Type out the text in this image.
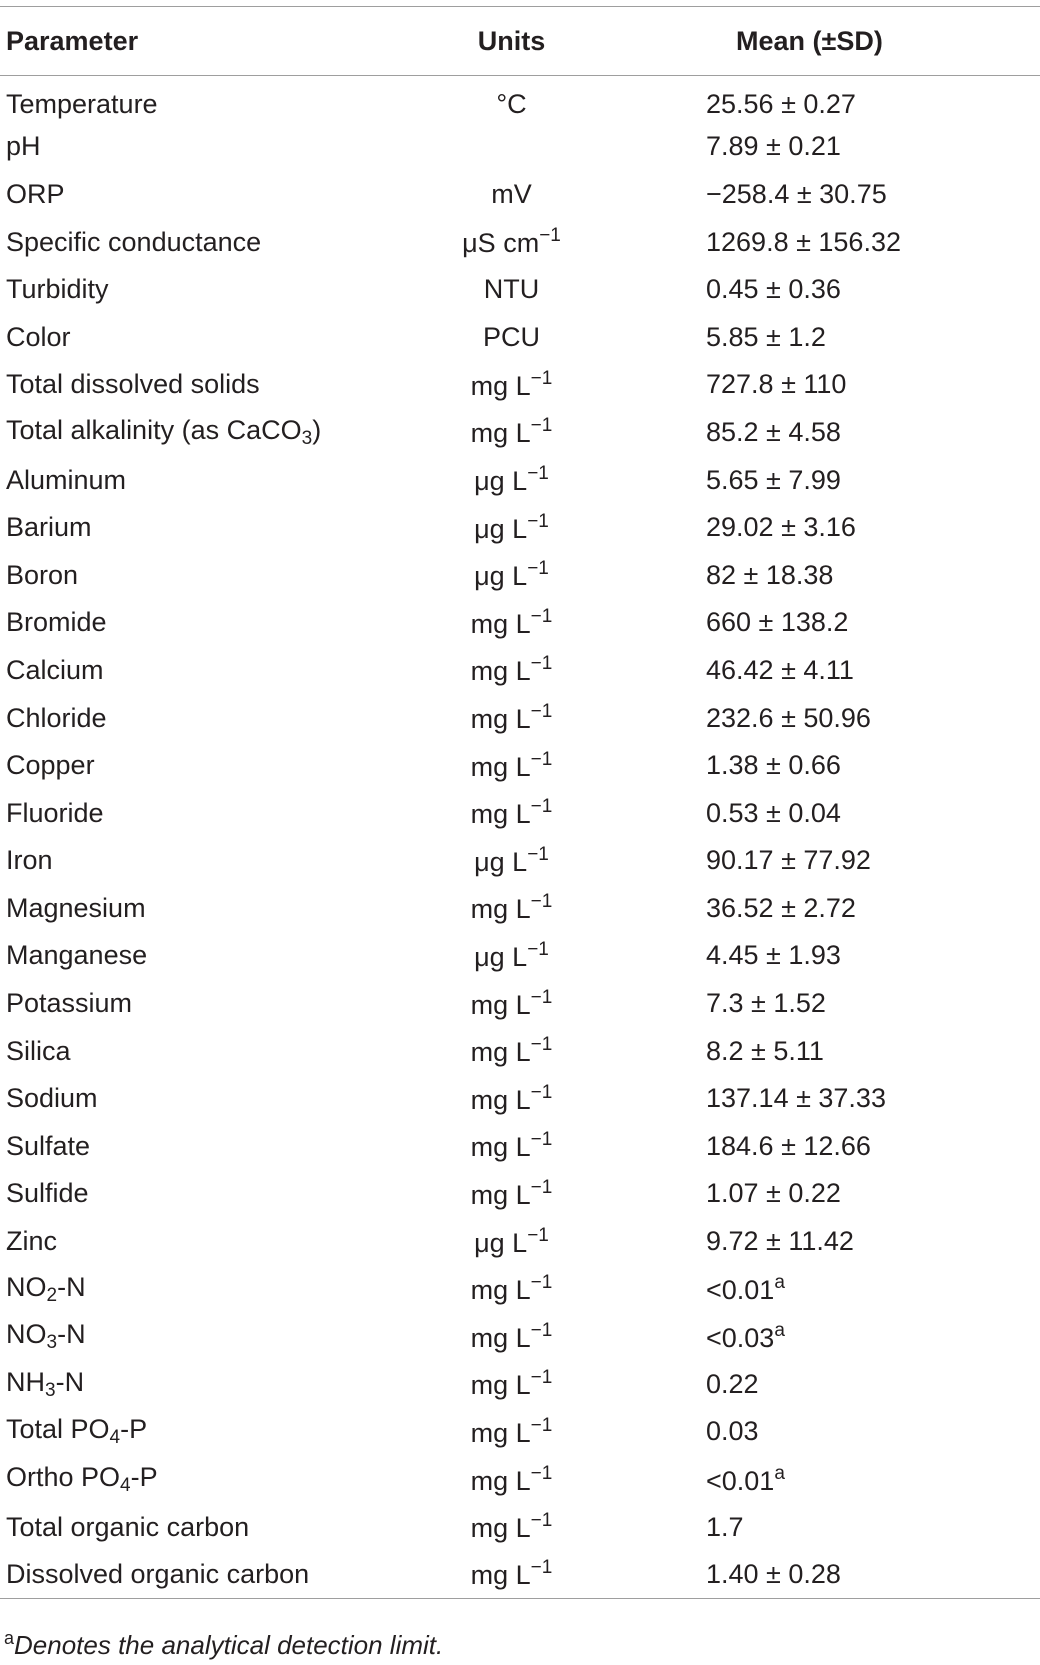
Parameter	Units	Mean (±SD)
Temperature	°C	25.56 ± 0.27
pH		7.89 ± 0.21
ORP	mV	−258.4 ± 30.75
Specific conductance	μS $cm^{-1}$	1269.8 ± 156.32
Turbidity	NTU	0.45 ± 0.36
Color	PCU	5.85 ± 1.2
Total dissolved solids	mg $L^{-1}$	727.8 ± 110
Total alkalinity (as CaCO$_3$)	mg $L^{-1}$	85.2 ± 4.58
Aluminum	μg $L^{-1}$	5.65 ± 7.99
Barium	μg $L^{-1}$	29.02 ± 3.16
Boron	μg $L^{-1}$	82 ± 18.38
Bromide	mg $L^{-1}$	660 ± 138.2
Calcium	mg $L^{-1}$	46.42 ± 4.11
Chloride	mg $L^{-1}$	232.6 ± 50.96
Copper	mg $L^{-1}$	1.38 ± 0.66
Fluoride	mg $L^{-1}$	0.53 ± 0.04
Iron	μg $L^{-1}$	90.17 ± 77.92
Magnesium	mg $L^{-1}$	36.52 ± 2.72
Manganese	μg $L^{-1}$	4.45 ± 1.93
Potassium	mg $L^{-1}$	7.3 ± 1.52
Silica	mg $L^{-1}$	8.2 ± 5.11
Sodium	mg $L^{-1}$	137.14 ± 37.33
Sulfate	mg $L^{-1}$	184.6 ± 12.66
Sulfide	mg $L^{-1}$	1.07 ± 0.22
Zinc	μg $L^{-1}$	9.72 ± 11.42
$NO_2-N$	mg $L^{-1}$	<0.01a
$NO_3-N$	mg $L^{-1}$	<0.03a
$NH_3-N$	mg $L^{-1}$	0.22
Total $PO_4-P$	mg $L^{-1}$	0.03
Ortho $PO_4-P$	mg $L^{-1}$	<0.01a
Total organic carbon	mg $L^{-1}$	1.7
Dissolved organic carbon	mg $L^{-1}$	1.40 ± 0.28
$^a$Denotes the analytical detection limit.
